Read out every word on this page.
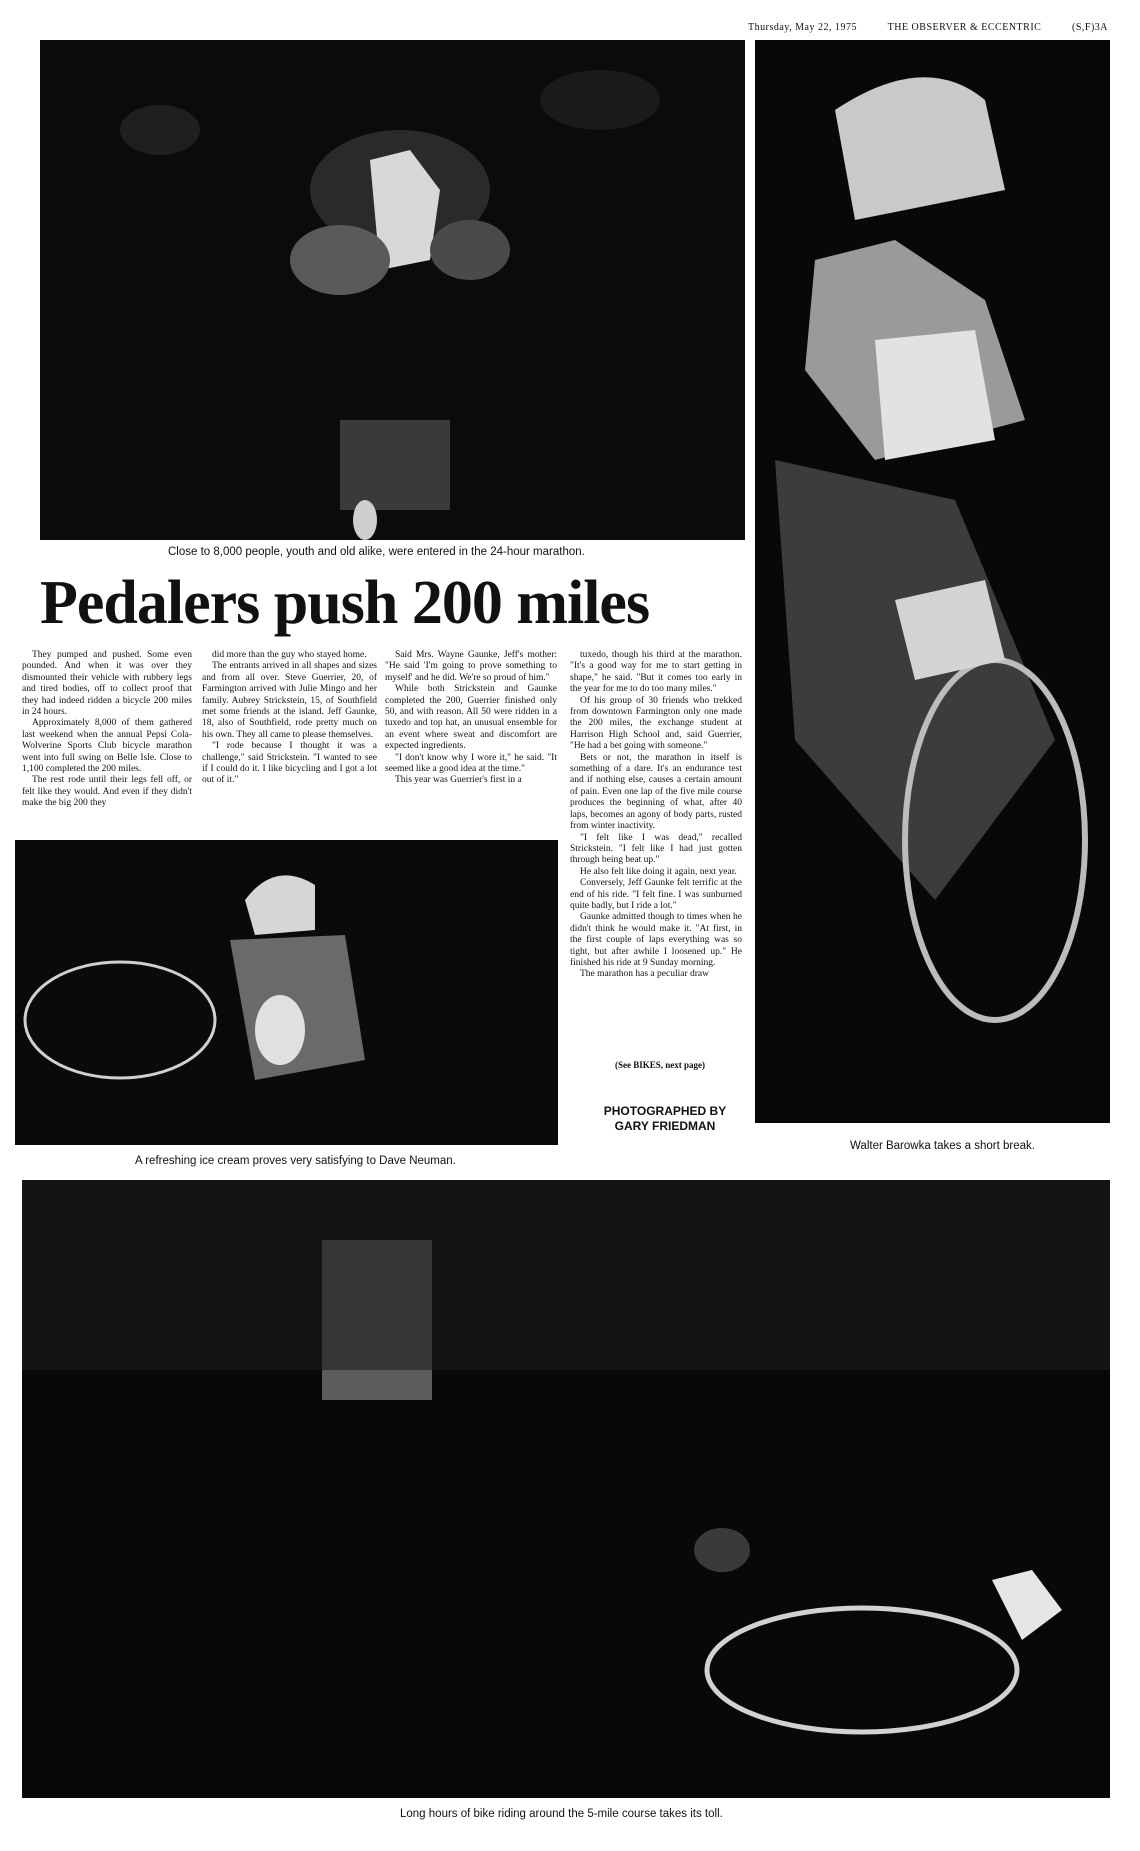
Thursday, May 22, 1975	THE OBSERVER & ECCENTRIC	(S,F)3A
Close to 8,000 people, youth and old alike, were entered in the 24-hour marathon.
Walter Barowka takes a short break.
Pedalers push 200 miles

They pumped and pushed. Some even pounded. And when it was over they dismounted their vehicle with rubbery legs and tired bodies, off to collect proof that they had indeed ridden a bicycle 200 miles in 24 hours.

Approximately 8,000 of them gathered last weekend when the annual Pepsi Cola-Wolverine Sports Club bicycle marathon went into full swing on Belle Isle. Close to 1,100 completed the 200 miles.

The rest rode until their legs fell off, or felt like they would. And even if they didn't make the big 200 they

did more than the guy who stayed home.

The entrants arrived in all shapes and sizes and from all over. Steve Guerrier, 20, of Farmington arrived with Julie Mingo and her family. Aubrey Strickstein, 15, of Southfield met some friends at the island. Jeff Gaunke, 18, also of Southfield, rode pretty much on his own. They all came to please themselves.

"I rode because I thought it was a challenge," said Strickstein. "I wanted to see if I could do it. I like bicycling and I got a lot out of it."

Said Mrs. Wayne Gaunke, Jeff's mother: "He said 'I'm going to prove something to myself' and he did. We're so proud of him."

While both Strickstein and Gaunke completed the 200, Guerrier finished only 50, and with reason. All 50 were ridden in a tuxedo and top hat, an unusual ensemble for an event where sweat and discomfort are expected ingredients.

"I don't know why I wore it," he said. "It seemed like a good idea at the time."

This year was Guerrier's first in a

tuxedo, though his third at the marathon. "It's a good way for me to start getting in shape," he said. "But it comes too early in the year for me to do too many miles."

Of his group of 30 friends who trekked from downtown Farmington only one made the 200 miles, the exchange student at Harrison High School and, said Guerrier, "He had a bet going with someone."

Bets or not, the marathon in itself is something of a dare. It's an endurance test and if nothing else, causes a certain amount of pain. Even one lap of the five mile course produces the beginning of what, after 40 laps, becomes an agony of body parts, rusted from winter inactivity.

"I felt like I was dead," recalled Strickstein. "I felt like I had just gotten through being beat up."

He also felt like doing it again, next year.

Conversely, Jeff Gaunke felt terrific at the end of his ride. "I felt fine. I was sunburned quite badly, but I ride a lot."

Gaunke admitted though to times when he didn't think he would make it. "At first, in the first couple of laps everything was so tight, but after awhile I loosened up." He finished his ride at 9 Sunday morning.

The marathon has a peculiar draw

(See BIKES, next page)
A refreshing ice cream proves very satisfying to Dave Neuman.
PHOTOGRAPHED BY
GARY FRIEDMAN
Long hours of bike riding around the 5-mile course takes its toll.
